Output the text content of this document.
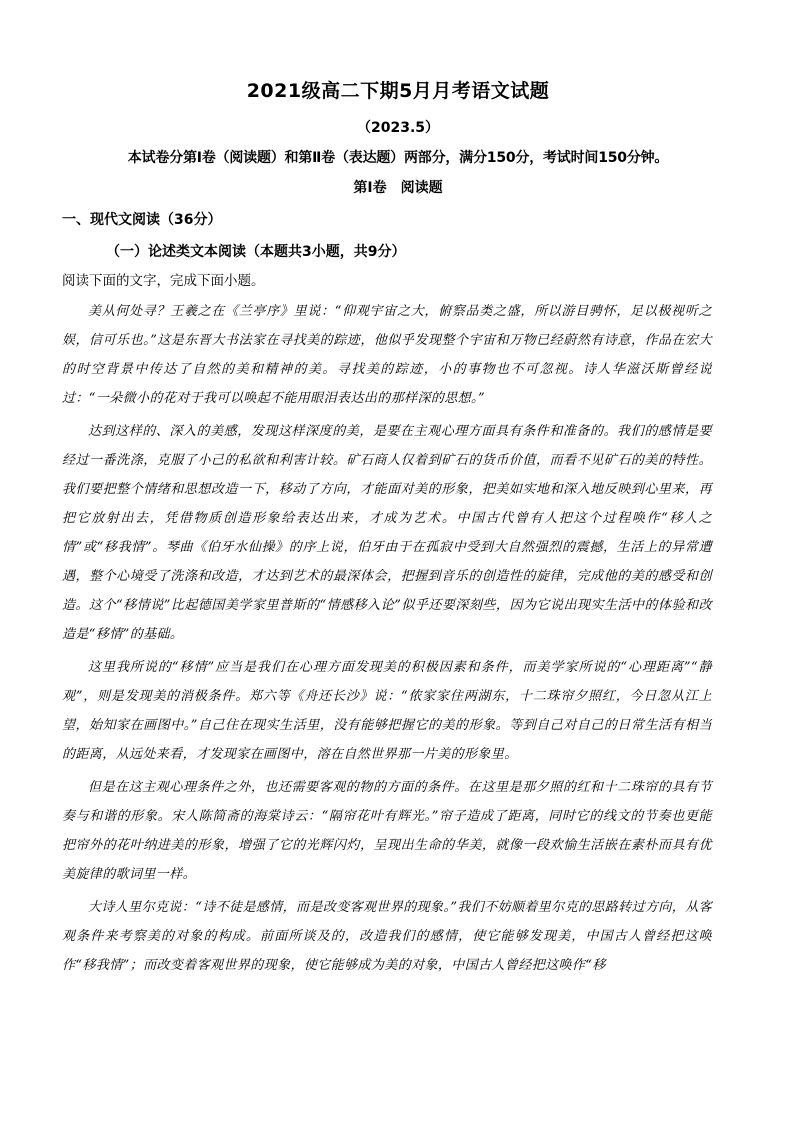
2021级高二下期5月月考语文试题
（2023.5）
本试卷分第Ⅰ卷（阅读题）和第Ⅱ卷（表达题）两部分，满分150分，考试时间150分钟。
第Ⅰ卷　阅读题
一、现代文阅读（36分）
（一）论述类文本阅读（本题共3小题，共9分）
阅读下面的文字，完成下面小题。

美从何处寻？王羲之在《兰亭序》里说：“仰观宇宙之大，俯察品类之盛，所以游目骋怀，足以极视听之娱，信可乐也。”这是东晋大书法家在寻找美的踪迹，他似乎发现整个宇宙和万物已经蔚然有诗意，作品在宏大的时空背景中传达了自然的美和精神的美。寻找美的踪迹，小的事物也不可忽视。诗人华滋沃斯曾经说过：“一朵微小的花对于我可以唤起不能用眼泪表达出的那样深的思想。”

达到这样的、深入的美感，发现这样深度的美，是要在主观心理方面具有条件和准备的。我们的感情是要经过一番洗涤，克服了小己的私欲和利害计较。矿石商人仅着到矿石的货币价值，而看不见矿石的美的特性。我们要把整个情绪和思想改造一下，移动了方向，才能面对美的形象，把美如实地和深入地反映到心里来，再把它放射出去，凭借物质创造形象给表达出来，才成为艺术。中国古代曾有人把这个过程唤作“移人之情”或“移我情”。琴曲《伯牙水仙操》的序上说，伯牙由于在孤寂中受到大自然强烈的震撼，生活上的异常遭遇，整个心境受了洗涤和改造，才达到艺术的最深体会，把握到音乐的创造性的旋律，完成他的美的感受和创造。这个“移情说”比起德国美学家里普斯的“情感移入论”似乎还要深刻些，因为它说出现实生活中的体验和改造是“移情”的基础。

这里我所说的“移情”应当是我们在心理方面发现美的积极因素和条件，而美学家所说的“心理距离”“静观”，则是发现美的消极条件。郑六等《舟还长沙》说：“侬家家住两湖东，十二珠帘夕照红，今日忽从江上望，始知家在画图中。”自己住在现实生活里，没有能够把握它的美的形象。等到自己对自己的日常生活有相当的距离，从远处来看，才发现家在画图中，溶在自然世界那一片美的形象里。

但是在这主观心理条件之外，也还需要客观的物的方面的条件。在这里是那夕照的红和十二珠帘的具有节奏与和谐的形象。宋人陈简斋的海棠诗云：“隔帘花叶有辉光。”帘子造成了距离，同时它的线文的节奏也更能把帘外的花叶纳进美的形象，增强了它的光辉闪灼，呈现出生命的华美，就像一段欢愉生活嵌在素朴而具有优美旋律的歌词里一样。

大诗人里尔克说：“诗不徒是感情，而是改变客观世界的现象。”我们不妨顺着里尔克的思路转过方向，从客观条件来考察美的对象的构成。前面所谈及的，改造我们的感情，使它能够发现美，中国古人曾经把这唤作“移我情”；而改变着客观世界的现象，使它能够成为美的对象，中国古人曾经把这唤作“移
